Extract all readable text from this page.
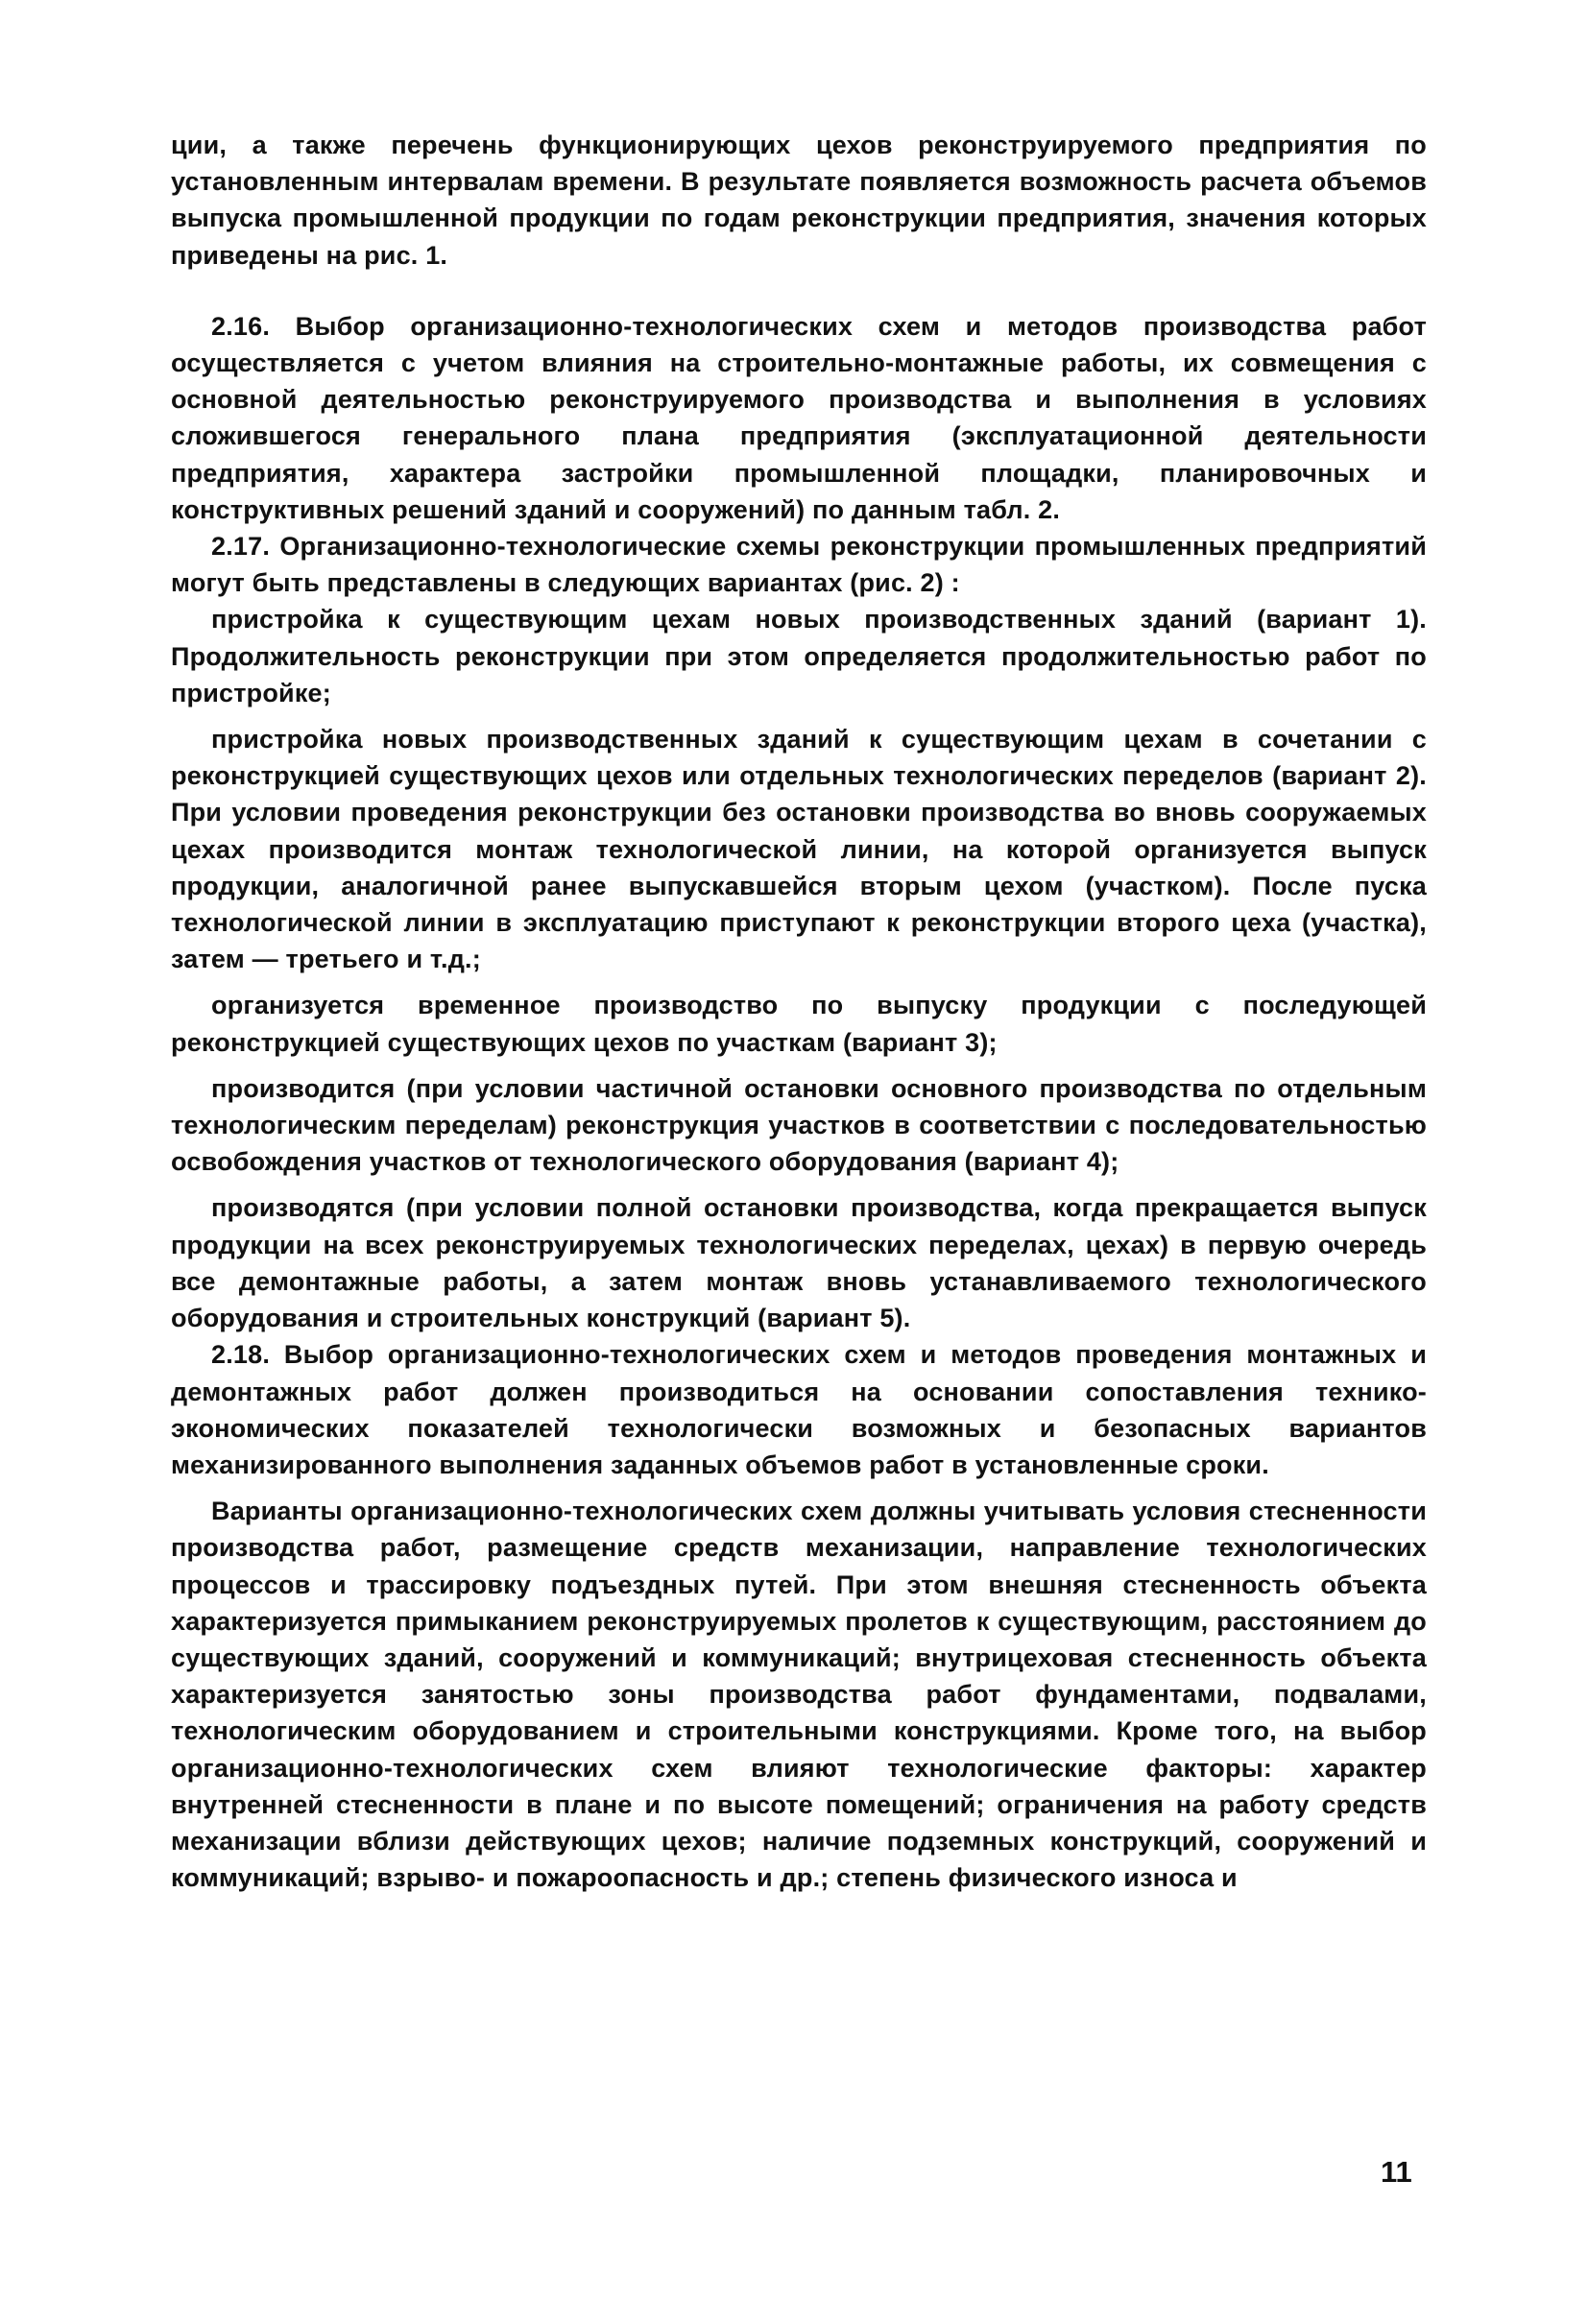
ции, а также перечень функционирующих цехов реконструируемого предприятия по установленным интервалам времени. В результате появляется возможность расчета объемов выпуска промышленной продукции по годам реконструкции предприятия, значения которых приведены на рис. 1.

2.16. Выбор организационно-технологических схем и методов производства работ осуществляется с учетом влияния на строительно-монтажные работы, их совмещения с основной деятельностью реконструируемого производства и выполнения в условиях сложившегося генерального плана предприятия (эксплуатационной деятельности предприятия, характера застройки промышленной площадки, планировочных и конструктивных решений зданий и сооружений) по данным табл. 2.

2.17. Организационно-технологические схемы реконструкции промышленных предприятий могут быть представлены в следующих вариантах (рис. 2) :

пристройка к существующим цехам новых производственных зданий (вариант 1). Продолжительность реконструкции при этом определяется продолжительностью работ по пристройке;

пристройка новых производственных зданий к существующим цехам в сочетании с реконструкцией существующих цехов или отдельных технологических переделов (вариант 2). При условии проведения реконструкции без остановки производства во вновь сооружаемых цехах производится монтаж технологической линии, на которой организуется выпуск продукции, аналогичной ранее выпускавшейся вторым цехом (участком). После пуска технологической линии в эксплуатацию приступают к реконструкции второго цеха (участка), затем — третьего и т.д.;

организуется временное производство по выпуску продукции с последующей реконструкцией существующих цехов по участкам (вариант 3);

производится (при условии частичной остановки основного производства по отдельным технологическим переделам) реконструкция участков в соответствии с последовательностью освобождения участков от технологического оборудования (вариант 4);

производятся (при условии полной остановки производства, когда прекращается выпуск продукции на всех реконструируемых технологических переделах, цехах) в первую очередь все демонтажные работы, а затем монтаж вновь устанавливаемого технологического оборудования и строительных конструкций (вариант 5).

2.18. Выбор организационно-технологических схем и методов проведения монтажных и демонтажных работ должен производиться на основании сопоставления технико-экономических показателей технологически возможных и безопасных вариантов механизированного выполнения заданных объемов работ в установленные сроки.

Варианты организационно-технологических схем должны учитывать условия стесненности производства работ, размещение средств механизации, направление технологических процессов и трассировку подъездных путей. При этом внешняя стесненность объекта характеризуется примыканием реконструируемых пролетов к существующим, расстоянием до существующих зданий, сооружений и коммуникаций; внутрицеховая стесненность объекта характеризуется занятостью зоны производства работ фундаментами, подвалами, технологическим оборудованием и строительными конструкциями. Кроме того, на выбор организационно-технологических схем влияют технологические факторы: характер внутренней стесненности в плане и по высоте помещений; ограничения на работу средств механизации вблизи действующих цехов; наличие подземных конструкций, сооружений и коммуникаций; взрыво- и пожароопасность и др.; степень физического износа и

11
